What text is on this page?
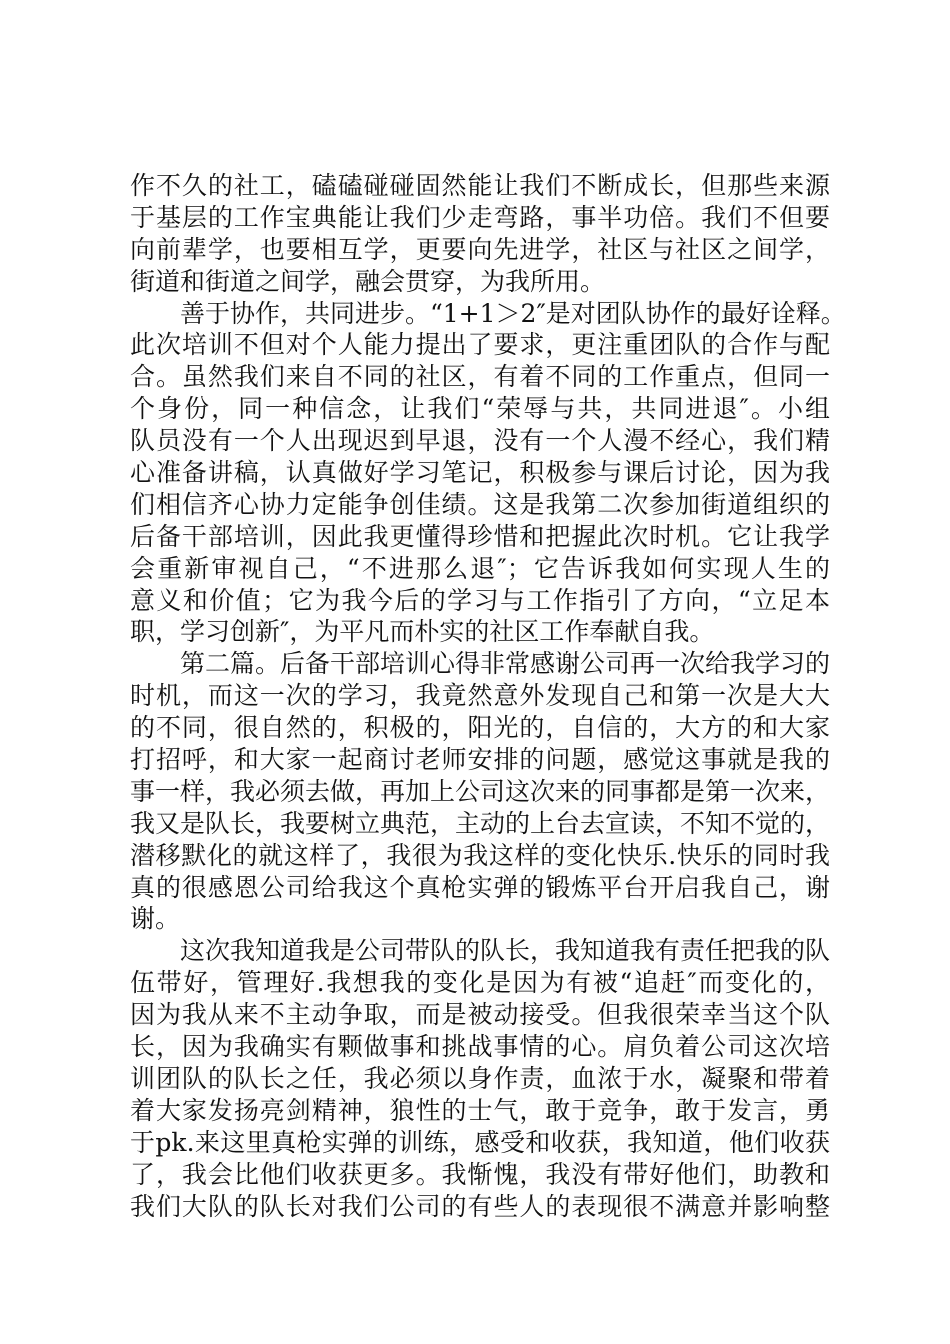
作不久的社工，磕磕碰碰固然能让我们不断成长，但那些来源
于基层的工作宝典能让我们少走弯路，事半功倍。我们不但要
向前辈学，也要相互学，更要向先进学，社区与社区之间学，
街道和街道之间学，融会贯穿，为我所用。
善于协作，共同进步。“1+1＞2″是对团队协作的最好诠释。
此次培训不但对个人能力提出了要求，更注重团队的合作与配
合。虽然我们来自不同的社区，有着不同的工作重点，但同一
个身份，同一种信念，让我们“荣辱与共，共同进退″。小组
队员没有一个人出现迟到早退，没有一个人漫不经心，我们精
心准备讲稿，认真做好学习笔记，积极参与课后讨论，因为我
们相信齐心协力定能争创佳绩。这是我第二次参加街道组织的
后备干部培训，因此我更懂得珍惜和把握此次时机。它让我学
会重新审视自己，“不进那么退″；它告诉我如何实现人生的
意义和价值；它为我今后的学习与工作指引了方向，“立足本
职，学习创新″，为平凡而朴实的社区工作奉献自我。
第二篇。后备干部培训心得非常感谢公司再一次给我学习的
时机，而这一次的学习，我竟然意外发现自己和第一次是大大
的不同，很自然的，积极的，阳光的，自信的，大方的和大家
打招呼，和大家一起商讨老师安排的问题，感觉这事就是我的
事一样，我必须去做，再加上公司这次来的同事都是第一次来，
我又是队长，我要树立典范，主动的上台去宣读，不知不觉的，
潜移默化的就这样了，我很为我这样的变化快乐.快乐的同时我
真的很感恩公司给我这个真枪实弹的锻炼平台开启我自己，谢
谢。
这次我知道我是公司带队的队长，我知道我有责任把我的队
伍带好，管理好.我想我的变化是因为有被“追赶″而变化的，
因为我从来不主动争取，而是被动接受。但我很荣幸当这个队
长，因为我确实有颗做事和挑战事情的心。肩负着公司这次培
训团队的队长之任，我必须以身作责，血浓于水，凝聚和带着
着大家发扬亮剑精神，狼性的士气，敢于竞争，敢于发言，勇
于pk.来这里真枪实弹的训练，感受和收获，我知道，他们收获
了，我会比他们收获更多。我惭愧，我没有带好他们，助教和
我们大队的队长对我们公司的有些人的表现很不满意并影响整
